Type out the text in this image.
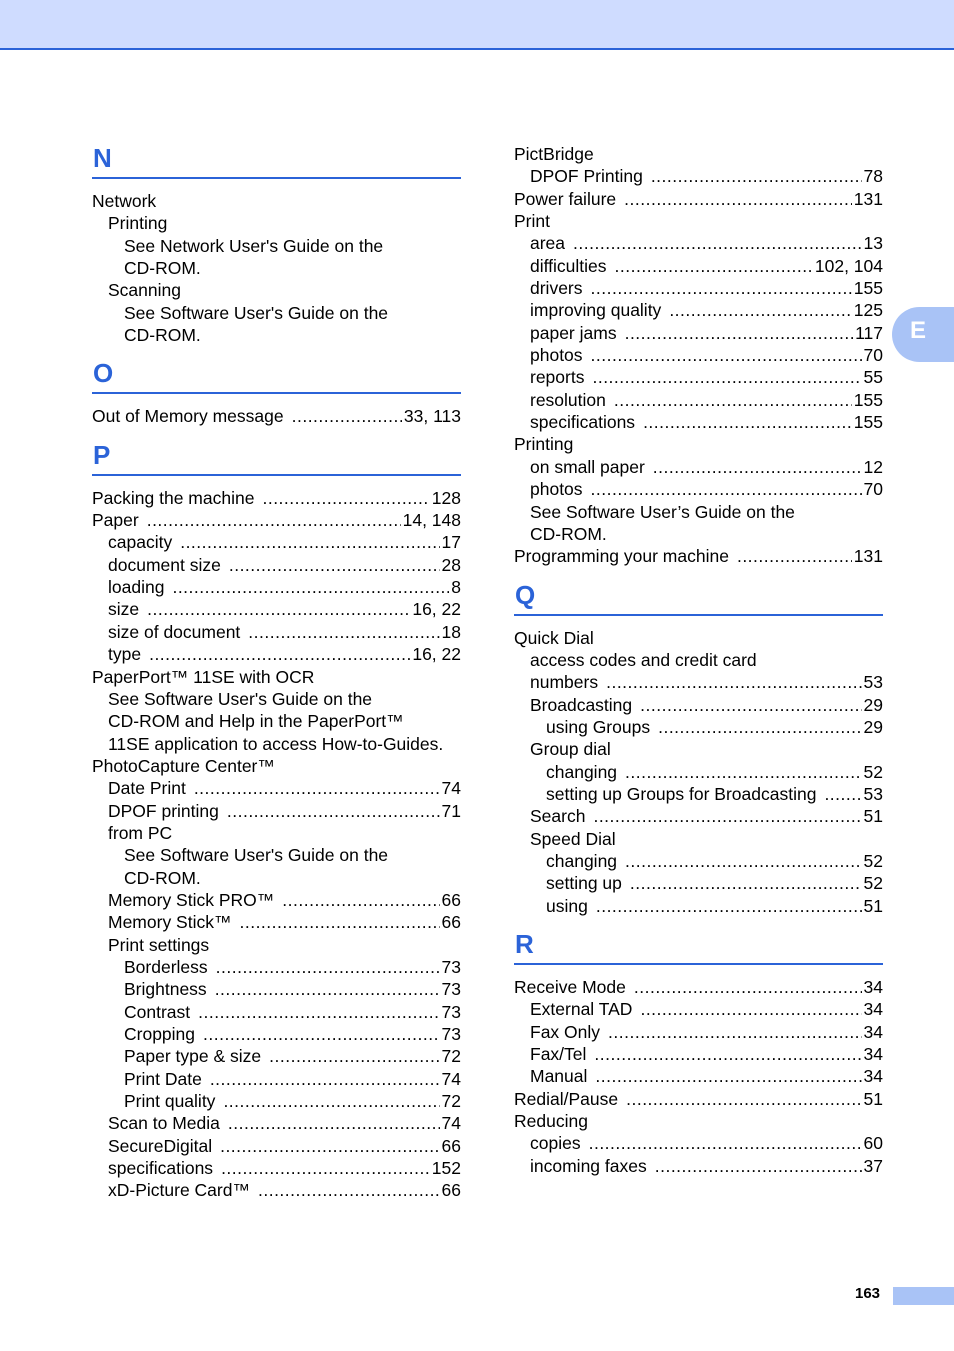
E
N
Network
Printing
See Network User's Guide on the
CD-ROM.
Scanning
See Software User's Guide on the
CD-ROM.
O
Out of Memory message .....	33, 113
P
Packing the machine .....	128
Paper .....	14, 148
capacity .....	17
document size .....	28
loading .....	8
size .....	16, 22
size of document .....	18
type .....	16, 22
PaperPort™ 11SE with OCR
See Software User's Guide on the
CD-ROM and Help in the PaperPort™
11SE application to access How-to-Guides.
PhotoCapture Center™
Date Print .....	74
DPOF printing .....	71
from PC
See Software User's Guide on the
CD-ROM.
Memory Stick PRO™ .....	66
Memory Stick™ .....	66
Print settings
Borderless .....	73
Brightness .....	73
Contrast .....	73
Cropping .....	73
Paper type & size .....	72
Print Date .....	74
Print quality .....	72
Scan to Media .....	74
SecureDigital .....	66
specifications .....	152
xD-Picture Card™ .....	66
PictBridge
DPOF Printing .....	78
Power failure .....	131
Print
area .....	13
difficulties .....	102, 104
drivers .....	155
improving quality .....	125
paper jams .....	117
photos .....	70
reports .....	55
resolution .....	155
specifications .....	155
Printing
on small paper .....	12
photos .....	70
See Software User’s Guide on the
CD-ROM.
Programming your machine .....	131
Q
Quick Dial
access codes and credit card
numbers .....	53
Broadcasting .....	29
using Groups .....	29
Group dial
changing .....	52
setting up Groups for Broadcasting .....	53
Search .....	51
Speed Dial
changing .....	52
setting up .....	52
using .....	51
R
Receive Mode .....	34
External TAD .....	34
Fax Only .....	34
Fax/Tel .....	34
Manual .....	34
Redial/Pause .....	51
Reducing
copies .....	60
incoming faxes .....	37
163
